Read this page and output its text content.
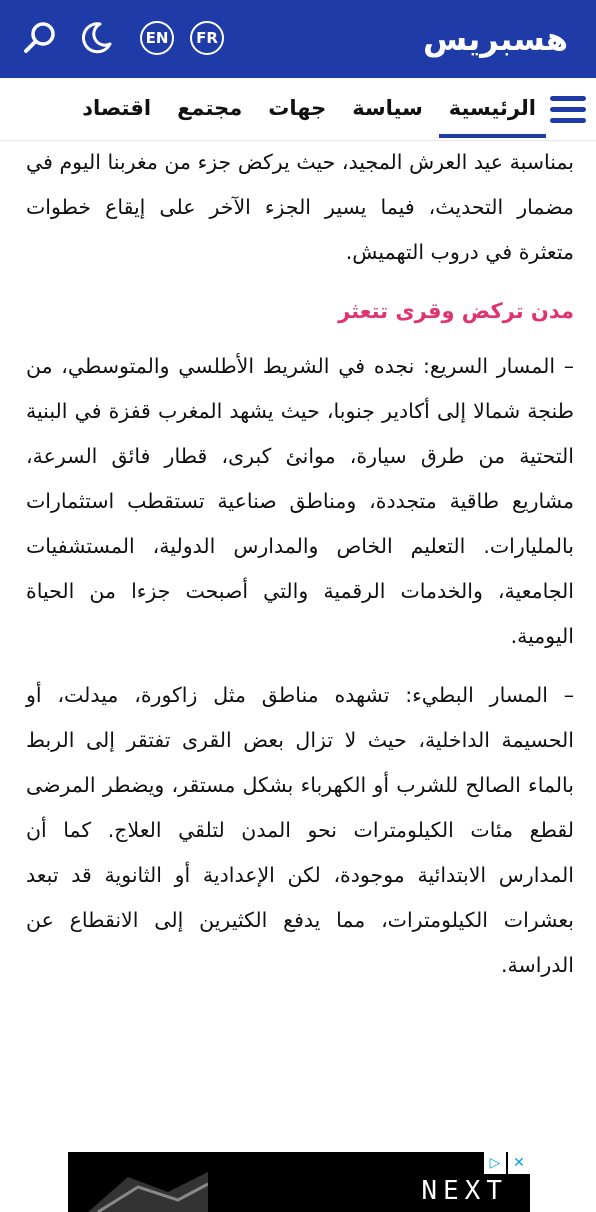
هسبريس
FR
EN
الرئيسية
سياسة
جهات
مجتمع
اقتصاد

بمناسبة عيد العرش المجيد، حيث يركض جزء من مغربنا اليوم في مضمار التحديث، فيما يسير الجزء الآخر على إيقاع خطوات متعثرة في دروب التهميش.

مدن تركض وقرى تتعثر

– المسار السريع: نجده في الشريط الأطلسي والمتوسطي، من طنجة شمالا إلى أكادير جنوبا، حيث يشهد المغرب قفزة في البنية التحتية من طرق سيارة، موانئ كبرى، قطار فائق السرعة، مشاريع طاقية متجددة، ومناطق صناعية تستقطب استثمارات بالمليارات. التعليم الخاص والمدارس الدولية، المستشفيات الجامعية، والخدمات الرقمية والتي أصبحت جزءا من الحياة اليومية.

– المسار البطيء: تشهده مناطق مثل زاكورة، ميدلت، أو الحسيمة الداخلية، حيث لا تزال بعض القرى تفتقر إلى الربط بالماء الصالح للشرب أو الكهرباء بشكل مستقر، ويضطر المرضى لقطع مئات الكيلومترات نحو المدن لتلقي العلاج. كما أن المدارس الابتدائية موجودة، لكن الإعدادية أو الثانوية قد تبعد بعشرات الكيلومترات، مما يدفع الكثيرين إلى الانقطاع عن الدراسة.

▷ ✕
NEXT
